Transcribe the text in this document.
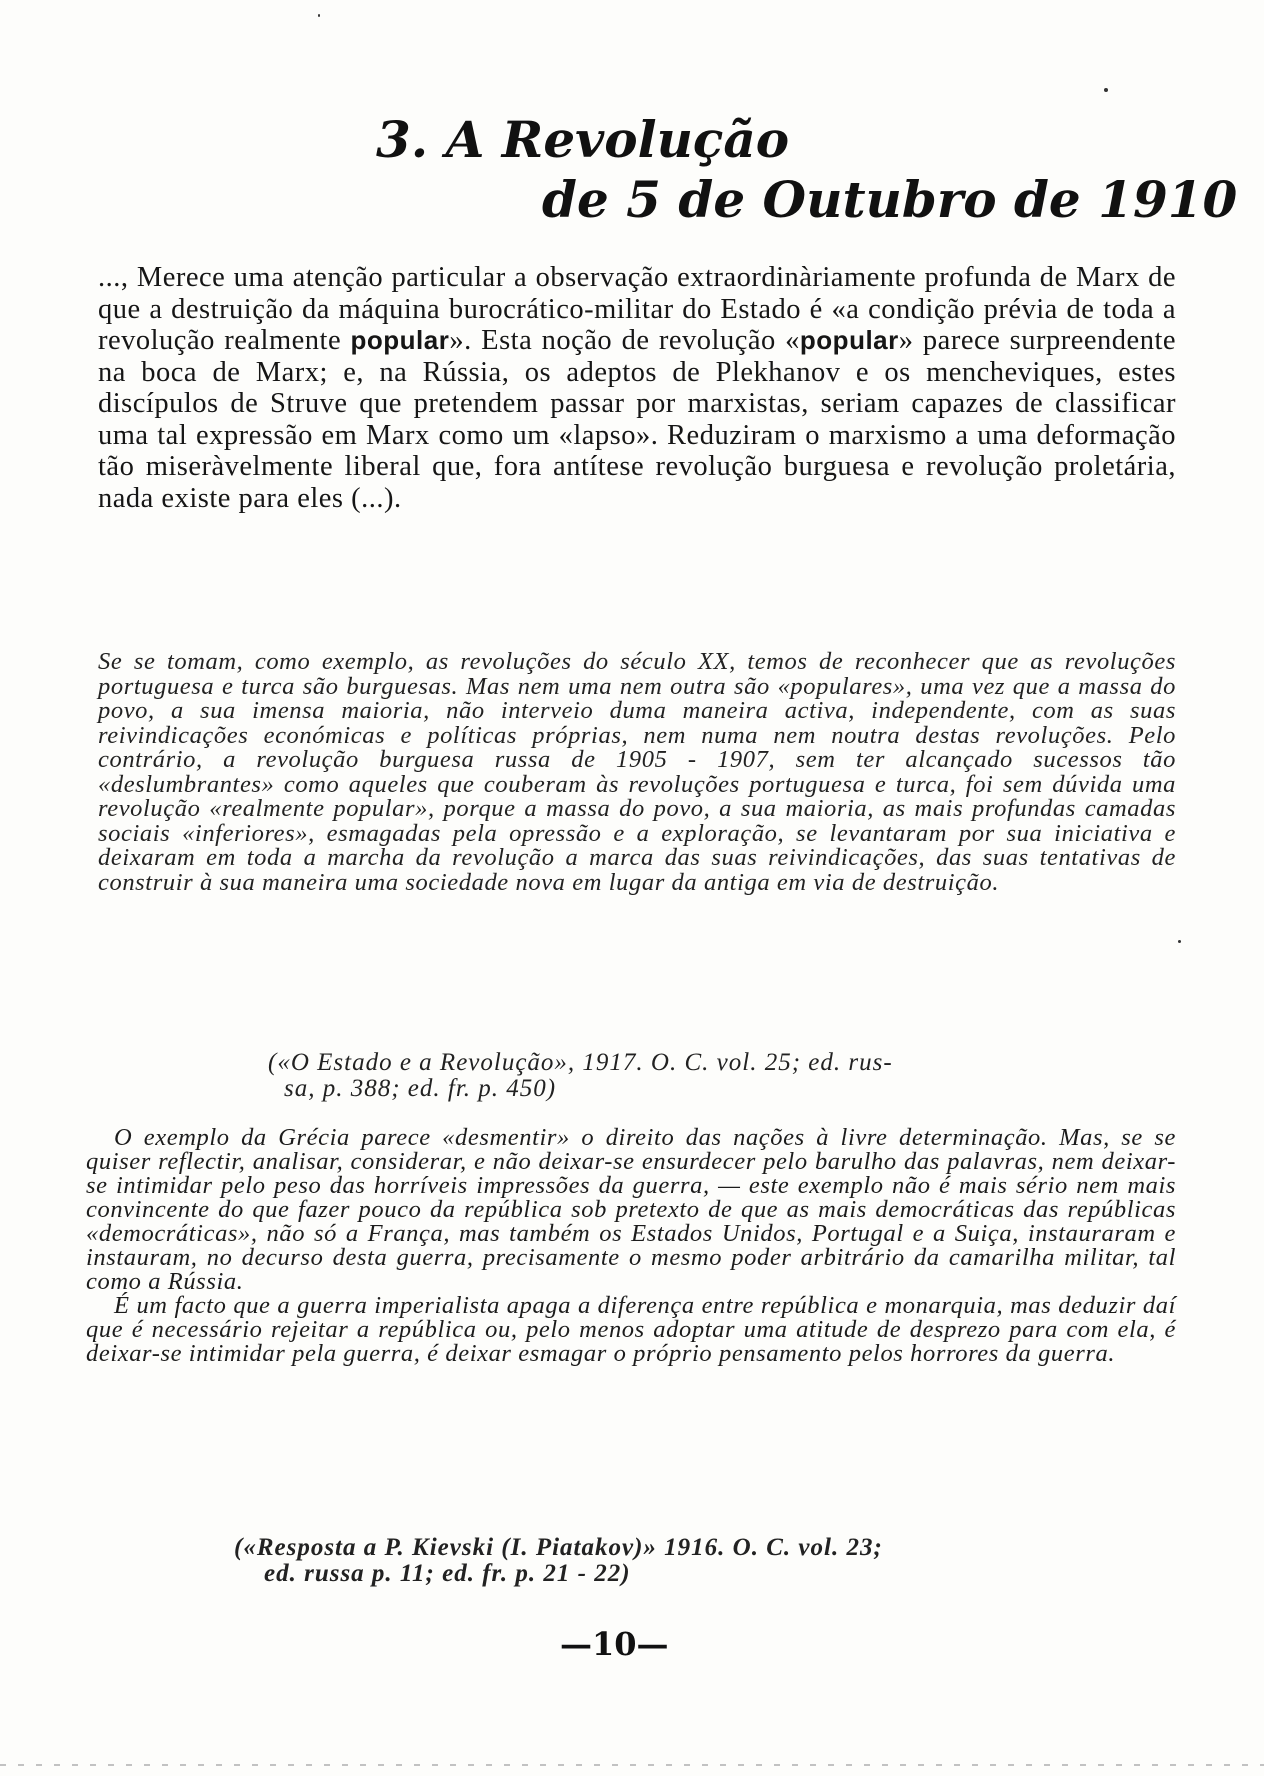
3. A Revolução
de 5 de Outubro de 1910
..., Merece uma atenção particular a observação extraordinàriamente profunda de Marx de que a destruição da máquina burocrático-militar do Estado é «a condição prévia de toda a revolução realmente popular». Esta noção de revolução «popular» parece surpreendente na boca de Marx; e, na Rússia, os adeptos de Plekhanov e os mencheviques, estes discípulos de Struve que pretendem passar por marxistas, seriam capazes de classificar uma tal expressão em Marx como um «lapso». Reduziram o marxismo a uma deformação tão miseràvelmente liberal que, fora antítese revolução burguesa e revolução proletária, nada existe para eles (...).
Se se tomam, como exemplo, as revoluções do século XX, temos de reconhecer que as revoluções portuguesa e turca são burguesas. Mas nem uma nem outra são «populares», uma vez que a massa do povo, a sua imensa maioria, não interveio duma maneira activa, independente, com as suas reivindicações económicas e políticas próprias, nem numa nem noutra destas revoluções. Pelo contrário, a revolução burguesa russa de 1905 - 1907, sem ter alcançado sucessos tão «deslumbrantes» como aqueles que couberam às revoluções portuguesa e turca, foi sem dúvida uma revolução «realmente popular», porque a massa do povo, a sua maioria, as mais profundas camadas sociais «inferiores», esmagadas pela opressão e a exploração, se levantaram por sua iniciativa e deixaram em toda a marcha da revolução a marca das suas reivindicações, das suas tentativas de construir à sua maneira uma sociedade nova em lugar da antiga em via de destruição.
(«O Estado e a Revolução», 1917. O. C. vol. 25; ed. rus-
sa, p. 388; ed. fr. p. 450)

O exemplo da Grécia parece «desmentir» o direito das nações à livre determinação. Mas, se se quiser reflectir, analisar, considerar, e não deixar-se ensurdecer pelo barulho das palavras, nem deixar-se intimidar pelo peso das horríveis impressões da guerra, — este exemplo não é mais sério nem mais convincente do que fazer pouco da república sob pretexto de que as mais democráticas das repúblicas «democráticas», não só a França, mas também os Estados Unidos, Portugal e a Suiça, instauraram e instauram, no decurso desta guerra, precisamente o mesmo poder arbitrário da camarilha militar, tal como a Rússia.

É um facto que a guerra imperialista apaga a diferença entre república e monarquia, mas deduzir daí que é necessário rejeitar a república ou, pelo menos adoptar uma atitude de desprezo para com ela, é deixar-se intimidar pela guerra, é deixar esmagar o próprio pensamento pelos horrores da guerra.

(«Resposta a P. Kievski (I. Piatakov)» 1916. O. C. vol. 23;
ed. russa p. 11; ed. fr. p. 21 - 22)
—10—
